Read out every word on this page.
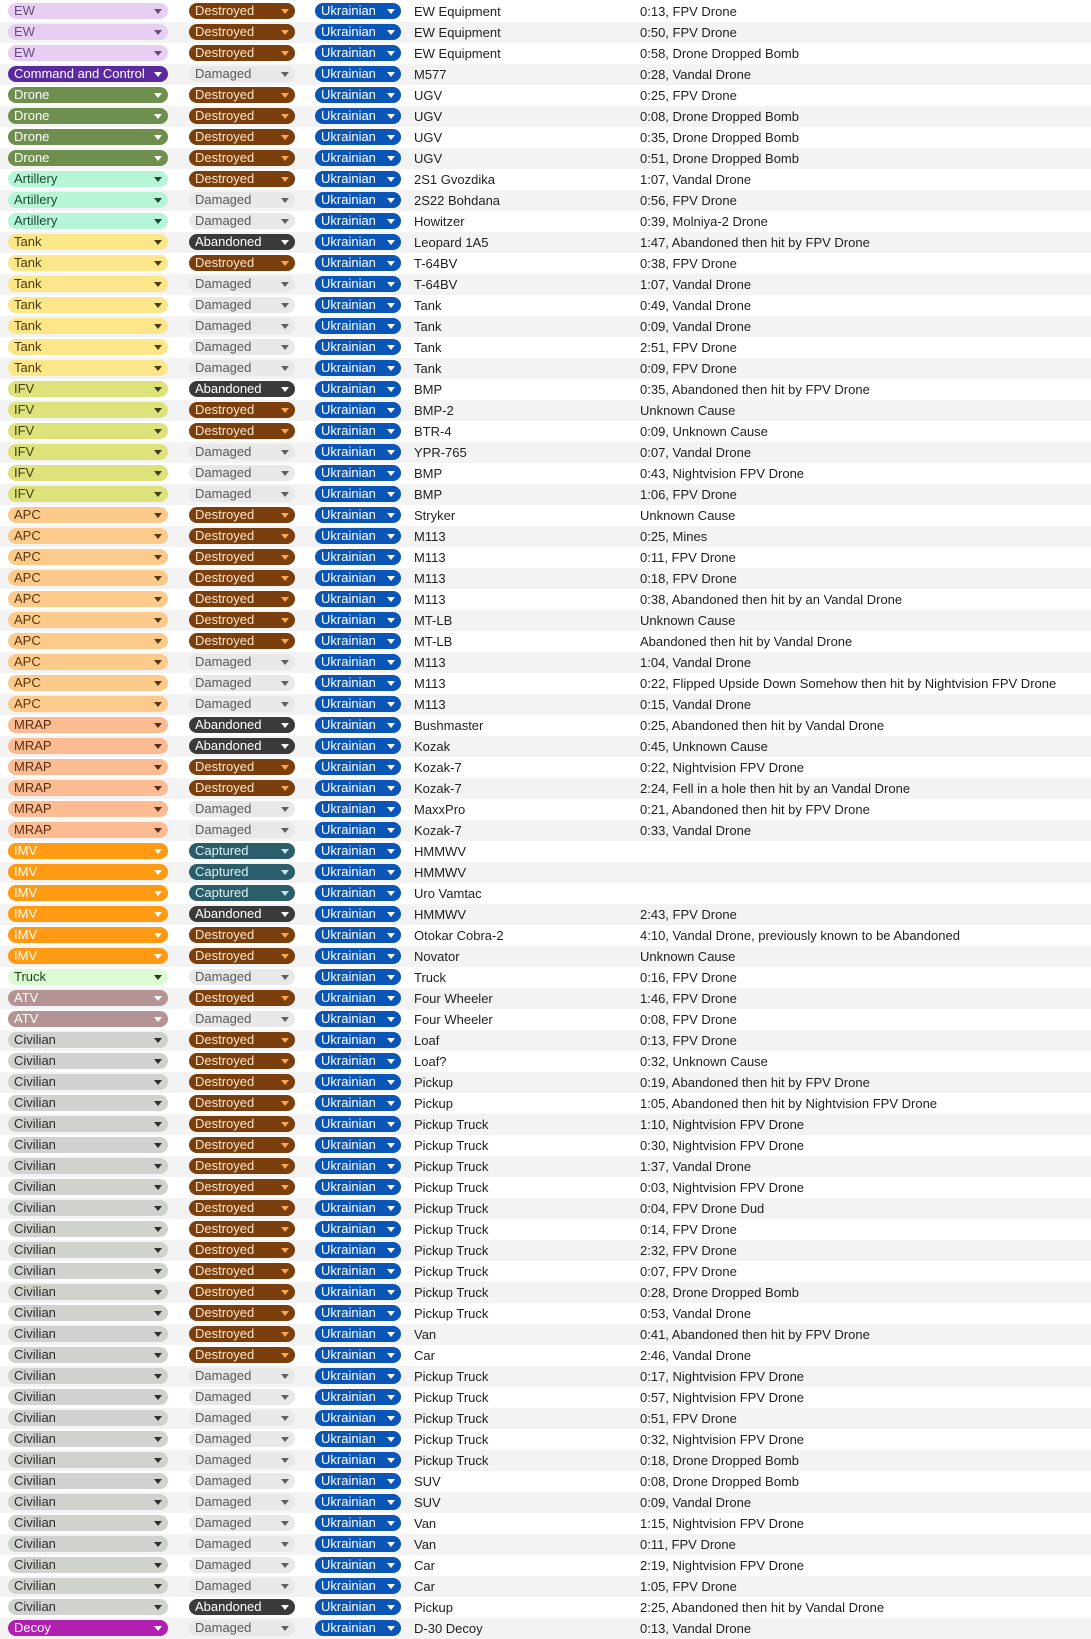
EW	Destroyed	Ukrainian	EW Equipment	0:13, FPV Drone
EW	Destroyed	Ukrainian	EW Equipment	0:50, FPV Drone
EW	Destroyed	Ukrainian	EW Equipment	0:58, Drone Dropped Bomb
Command and Control	Damaged	Ukrainian	M577	0:28, Vandal Drone
Drone	Destroyed	Ukrainian	UGV	0:25, FPV Drone
Drone	Destroyed	Ukrainian	UGV	0:08, Drone Dropped Bomb
Drone	Destroyed	Ukrainian	UGV	0:35, Drone Dropped Bomb
Drone	Destroyed	Ukrainian	UGV	0:51, Drone Dropped Bomb
Artillery	Destroyed	Ukrainian	2S1 Gvozdika	1:07, Vandal Drone
Artillery	Damaged	Ukrainian	2S22 Bohdana	0:56, FPV Drone
Artillery	Damaged	Ukrainian	Howitzer	0:39, Molniya-2 Drone
Tank	Abandoned	Ukrainian	Leopard 1A5	1:47, Abandoned then hit by FPV Drone
Tank	Destroyed	Ukrainian	T-64BV	0:38, FPV Drone
Tank	Damaged	Ukrainian	T-64BV	1:07, Vandal Drone
Tank	Damaged	Ukrainian	Tank	0:49, Vandal Drone
Tank	Damaged	Ukrainian	Tank	0:09, Vandal Drone
Tank	Damaged	Ukrainian	Tank	2:51, FPV Drone
Tank	Damaged	Ukrainian	Tank	0:09, FPV Drone
IFV	Abandoned	Ukrainian	BMP	0:35, Abandoned then hit by FPV Drone
IFV	Destroyed	Ukrainian	BMP-2	Unknown Cause
IFV	Destroyed	Ukrainian	BTR-4	0:09, Unknown Cause
IFV	Damaged	Ukrainian	YPR-765	0:07, Vandal Drone
IFV	Damaged	Ukrainian	BMP	0:43, Nightvision FPV Drone
IFV	Damaged	Ukrainian	BMP	1:06, FPV Drone
APC	Destroyed	Ukrainian	Stryker	Unknown Cause
APC	Destroyed	Ukrainian	M113	0:25, Mines
APC	Destroyed	Ukrainian	M113	0:11, FPV Drone
APC	Destroyed	Ukrainian	M113	0:18, FPV Drone
APC	Destroyed	Ukrainian	M113	0:38, Abandoned then hit by an Vandal Drone
APC	Destroyed	Ukrainian	MT-LB	Unknown Cause
APC	Destroyed	Ukrainian	MT-LB	Abandoned then hit by Vandal Drone
APC	Damaged	Ukrainian	M113	1:04, Vandal Drone
APC	Damaged	Ukrainian	M113	0:22, Flipped Upside Down Somehow then hit by Nightvision FPV Drone
APC	Damaged	Ukrainian	M113	0:15, Vandal Drone
MRAP	Abandoned	Ukrainian	Bushmaster	0:25, Abandoned then hit by Vandal Drone
MRAP	Abandoned	Ukrainian	Kozak	0:45, Unknown Cause
MRAP	Destroyed	Ukrainian	Kozak-7	0:22, Nightvision FPV Drone
MRAP	Destroyed	Ukrainian	Kozak-7	2:24, Fell in a hole then hit by an Vandal Drone
MRAP	Damaged	Ukrainian	MaxxPro	0:21, Abandoned then hit by FPV Drone
MRAP	Damaged	Ukrainian	Kozak-7	0:33, Vandal Drone
IMV	Captured	Ukrainian	HMMWV
IMV	Captured	Ukrainian	HMMWV
IMV	Captured	Ukrainian	Uro Vamtac
IMV	Abandoned	Ukrainian	HMMWV	2:43, FPV Drone
IMV	Destroyed	Ukrainian	Otokar Cobra-2	4:10, Vandal Drone, previously known to be Abandoned
IMV	Destroyed	Ukrainian	Novator	Unknown Cause
Truck	Damaged	Ukrainian	Truck	0:16, FPV Drone
ATV	Destroyed	Ukrainian	Four Wheeler	1:46, FPV Drone
ATV	Damaged	Ukrainian	Four Wheeler	0:08, FPV Drone
Civilian	Destroyed	Ukrainian	Loaf	0:13, FPV Drone
Civilian	Destroyed	Ukrainian	Loaf?	0:32, Unknown Cause
Civilian	Destroyed	Ukrainian	Pickup	0:19, Abandoned then hit by FPV Drone
Civilian	Destroyed	Ukrainian	Pickup	1:05, Abandoned then hit by Nightvision FPV Drone
Civilian	Destroyed	Ukrainian	Pickup Truck	1:10, Nightvision FPV Drone
Civilian	Destroyed	Ukrainian	Pickup Truck	0:30, Nightvision FPV Drone
Civilian	Destroyed	Ukrainian	Pickup Truck	1:37, Vandal Drone
Civilian	Destroyed	Ukrainian	Pickup Truck	0:03, Nightvision FPV Drone
Civilian	Destroyed	Ukrainian	Pickup Truck	0:04, FPV Drone Dud
Civilian	Destroyed	Ukrainian	Pickup Truck	0:14, FPV Drone
Civilian	Destroyed	Ukrainian	Pickup Truck	2:32, FPV Drone
Civilian	Destroyed	Ukrainian	Pickup Truck	0:07, FPV Drone
Civilian	Destroyed	Ukrainian	Pickup Truck	0:28, Drone Dropped Bomb
Civilian	Destroyed	Ukrainian	Pickup Truck	0:53, Vandal Drone
Civilian	Destroyed	Ukrainian	Van	0:41, Abandoned then hit by FPV Drone
Civilian	Destroyed	Ukrainian	Car	2:46, Vandal Drone
Civilian	Damaged	Ukrainian	Pickup Truck	0:17, Nightvision FPV Drone
Civilian	Damaged	Ukrainian	Pickup Truck	0:57, Nightvision FPV Drone
Civilian	Damaged	Ukrainian	Pickup Truck	0:51, FPV Drone
Civilian	Damaged	Ukrainian	Pickup Truck	0:32, Nightvision FPV Drone
Civilian	Damaged	Ukrainian	Pickup Truck	0:18, Drone Dropped Bomb
Civilian	Damaged	Ukrainian	SUV	0:08, Drone Dropped Bomb
Civilian	Damaged	Ukrainian	SUV	0:09, Vandal Drone
Civilian	Damaged	Ukrainian	Van	1:15, Nightvision FPV Drone
Civilian	Damaged	Ukrainian	Van	0:11, FPV Drone
Civilian	Damaged	Ukrainian	Car	2:19, Nightvision FPV Drone
Civilian	Damaged	Ukrainian	Car	1:05, FPV Drone
Civilian	Abandoned	Ukrainian	Pickup	2:25, Abandoned then hit by Vandal Drone
Decoy	Damaged	Ukrainian	D-30 Decoy	0:13, Vandal Drone
